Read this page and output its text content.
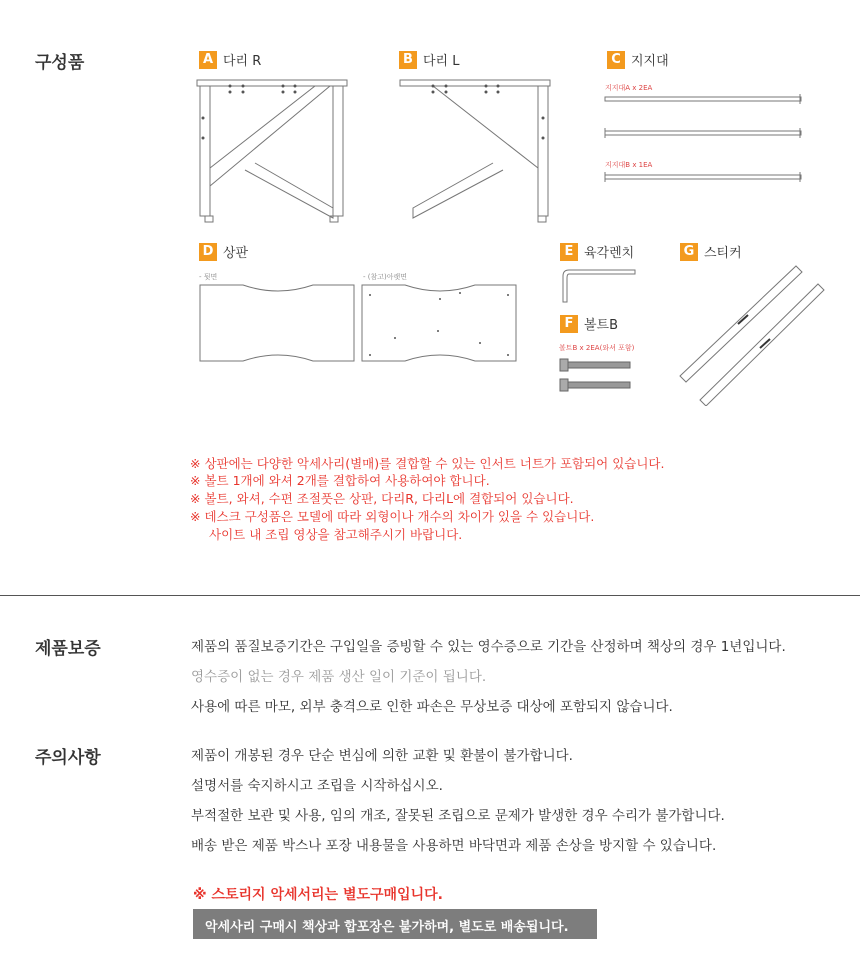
구성품	A 다리 R	B 다리 L	C 지지대
D 상판	E 육각렌치	G 스티커
F 볼트B
지지대A x 2EA
지지대B x 1EA
- 뒷면	- (참고)아랫면
볼트B x 2EA(와셔 포함)
※ 상판에는 다양한 악세사리(별매)를 결합할 수 있는 인서트 너트가 포함되어 있습니다.
※ 볼트 1개에 와셔 2개를 결합하여 사용하여야 합니다.
※ 볼트, 와셔, 수편 조절풋은 상판, 다리R, 다리L에 결합되어 있습니다.
※ 데스크 구성품은 모델에 따라 외형이나 개수의 차이가 있을 수 있습니다.
사이트 내 조립 영상을 참고해주시기 바랍니다.
제품보증	제품의 품질보증기간은 구입일을 증빙할 수 있는 영수증으로 기간을 산정하며 책상의 경우 1년입니다.
영수증이 없는 경우 제품 생산 일이 기준이 됩니다.
사용에 따른 마모, 외부 충격으로 인한 파손은 무상보증 대상에 포함되지 않습니다.
주의사항	제품이 개봉된 경우 단순 변심에 의한 교환 및 환불이 불가합니다.
설명서를 숙지하시고 조립을 시작하십시오.
부적절한 보관 및 사용, 임의 개조, 잘못된 조립으로 문제가 발생한 경우 수리가 불가합니다.
배송 받은 제품 박스나 포장 내용물을 사용하면 바닥면과 제품 손상을 방지할 수 있습니다.
※ 스토리지 악세서리는 별도구매입니다.
악세사리 구매시 책상과 합포장은 불가하며, 별도로 배송됩니다.
